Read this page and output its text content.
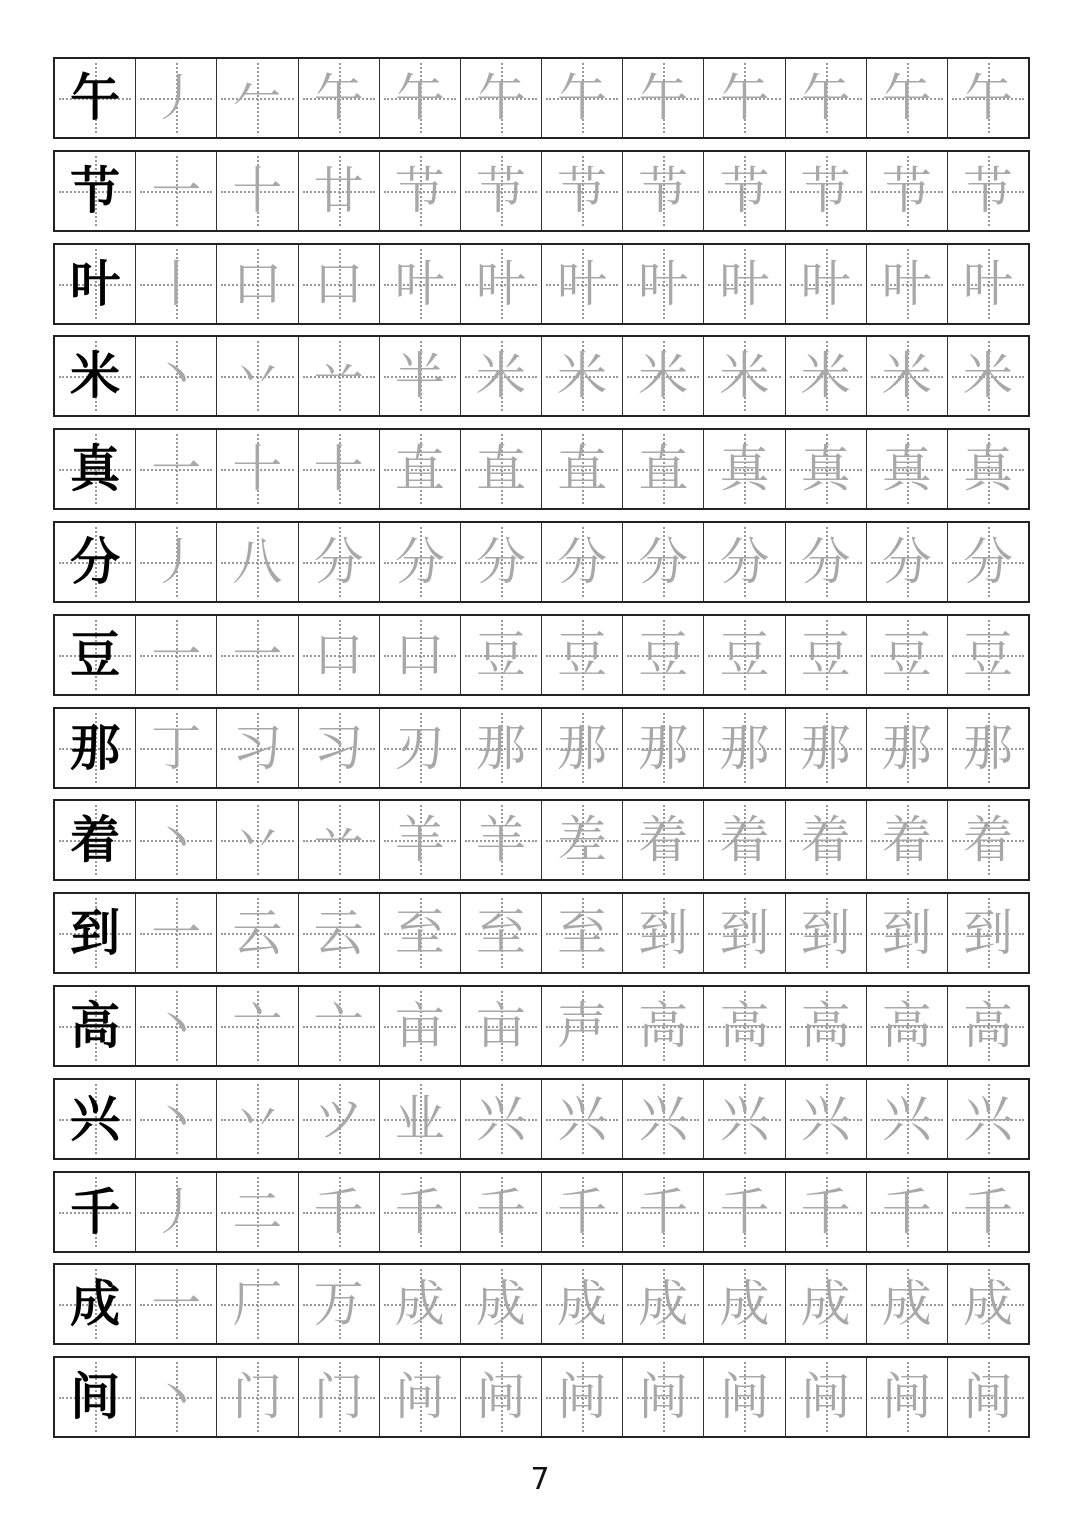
午 丿 𠂉 午 午 午 午 午 午 午 午 午
节 一 十 廿 节 节 节 节 节 节 节 节
叶 丨 口 口 叶 叶 叶 叶 叶 叶 叶 叶
米 丶 丷 䒑 半 米 米 米 米 米 米 米
真 一 十 十 直 直 直 直 真 真 真 真
分 丿 八 分 分 分 分 分 分 分 分 分
豆 一 一 口 口 豆 豆 豆 豆 豆 豆 豆
那 丁 习 习 刃 那 那 那 那 那 那 那
着 丶 丷 䒑 羊 羊 差 着 着 着 着 着
到 一 云 云 至 至 至 到 到 到 到 到
高 丶 亠 亠 亩 亩 声 高 高 高 高 高
兴 丶 丷 ツ 业 兴 兴 兴 兴 兴 兴 兴
千 丿 二 千 千 千 千 千 千 千 千 千
成 一 厂 万 成 成 成 成 成 成 成 成
间 丶 门 门 问 间 间 间 间 间 间 间
7
